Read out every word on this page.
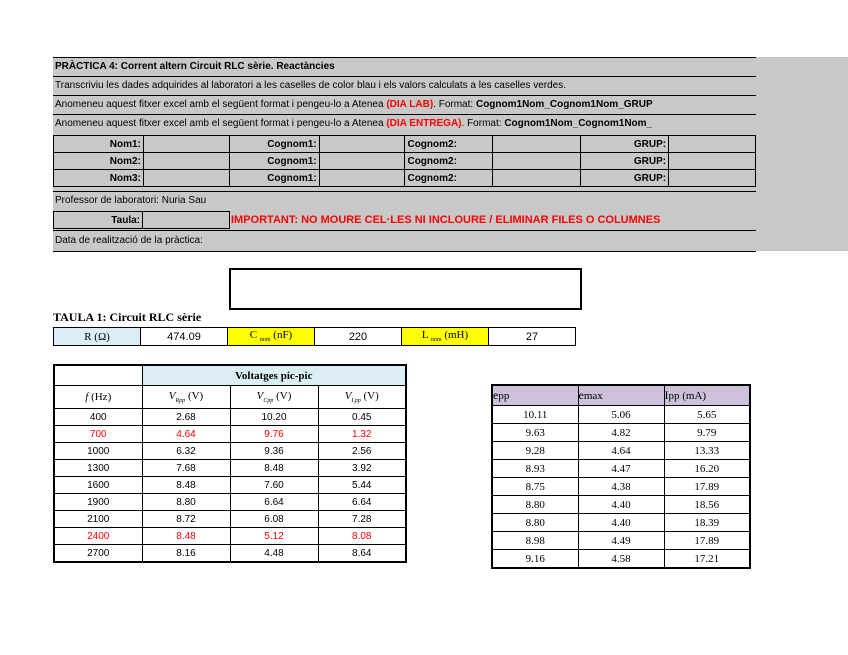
PRÀCTICA 4: Corrent altern Circuit RLC sèrie. Reactàncies
Transcriviu les dades adquirides al laboratori a les caselles de color blau i els valors calculats a les caselles verdes.
Anomeneu aquest fitxer excel amb el següent format i pengeu-lo a Atenea (DIA LAB). Format: Cognom1Nom_Cognom1Nom_GRUP
Anomeneu aquest fitxer excel amb el següent format i pengeu-lo a Atenea (DIA ENTREGA). Format: Cognom1Nom_Cognom1Nom_
Nom1:		Cognom1:		Cognom2:		GRUP:	
Nom2:		Cognom1:		Cognom2:		GRUP:	
Nom3:		Cognom1:		Cognom2:		GRUP:	
Professor de laboratori: Nuria Sau
Taula:		IMPORTANT: NO MOURE CEL·LES NI INCLOURE / ELIMINAR FILES O COLUMNES
Data de realització de la pràctica:
TAULA 1: Circuit RLC sèrie
R (Ω)	474.09	C $_{nom}$ (nF)	220	L $_{nom}$ (mH)	27
	Voltatges pic-pic		
f (Hz)	$V_{Rpp}$ (V)	$V_{Cpp}$ (V)	$V_{Lpp}$ (V)
400	2.68	10.20	0.45
700	4.64	9.76	1.32
1000	6.32	9.36	2.56
1300	7.68	8.48	3.92
1600	8.48	7.60	5.44
1900	8.80	6.64	6.64
2100	8.72	6.08	7.28
2400	8.48	5.12	8.08
2700	8.16	4.48	8.64
epp	emax	Ipp (mA)
10.11	5.06	5.65
9.63	4.82	9.79
9.28	4.64	13.33
8.93	4.47	16.20
8.75	4.38	17.89
8.80	4.40	18.56
8.80	4.40	18.39
8.98	4.49	17.89
9.16	4.58	17.21
